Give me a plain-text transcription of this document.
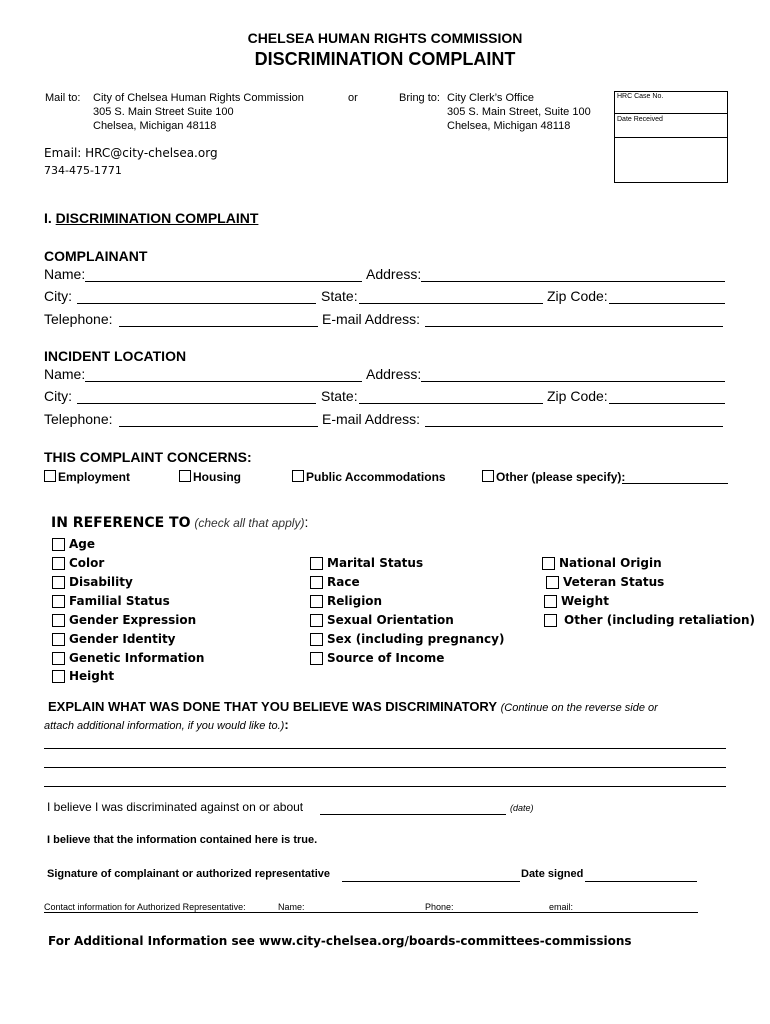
CHELSEA HUMAN RIGHTS COMMISSION
DISCRIMINATION COMPLAINT
Mail to: City of Chelsea Human Rights Commission
305 S. Main Street Suite 100
Chelsea, Michigan 48118
or	Bring to: City Clerk’s Office
305 S. Main Street, Suite 100
Chelsea, Michigan 48118
HRC Case No.
Date Received
Email: HRC@city-chelsea.org
734-475-1771
I. DISCRIMINATION COMPLAINT
COMPLAINANT
Name:	Address:
City:	State:	Zip Code:
Telephone:	E-mail Address:
INCIDENT LOCATION
Name:	Address:
City:	State:	Zip Code:
Telephone:	E-mail Address:
THIS COMPLAINT CONCERNS:
Employment	Housing	Public Accommodations	Other (please specify):
IN REFERENCE TO (check all that apply):
Age
Color
Disability
Familial Status
Gender Expression
Gender Identity
Genetic Information
Height
Marital Status
Race
Religion
Sexual Orientation
Sex (including pregnancy)
Source of Income
National Origin
Veteran Status
Weight
Other (including retaliation)
EXPLAIN WHAT WAS DONE THAT YOU BELIEVE WAS DISCRIMINATORY (Continue on the reverse side or
attach additional information, if you would like to.):
I believe I was discriminated against on or about	(date)
I believe that the information contained here is true.
Signature of complainant or authorized representative	Date signed
Contact information for Authorized Representative:	Name:	Phone:	email:
For Additional Information see www.city-chelsea.org/boards-committees-commissions
